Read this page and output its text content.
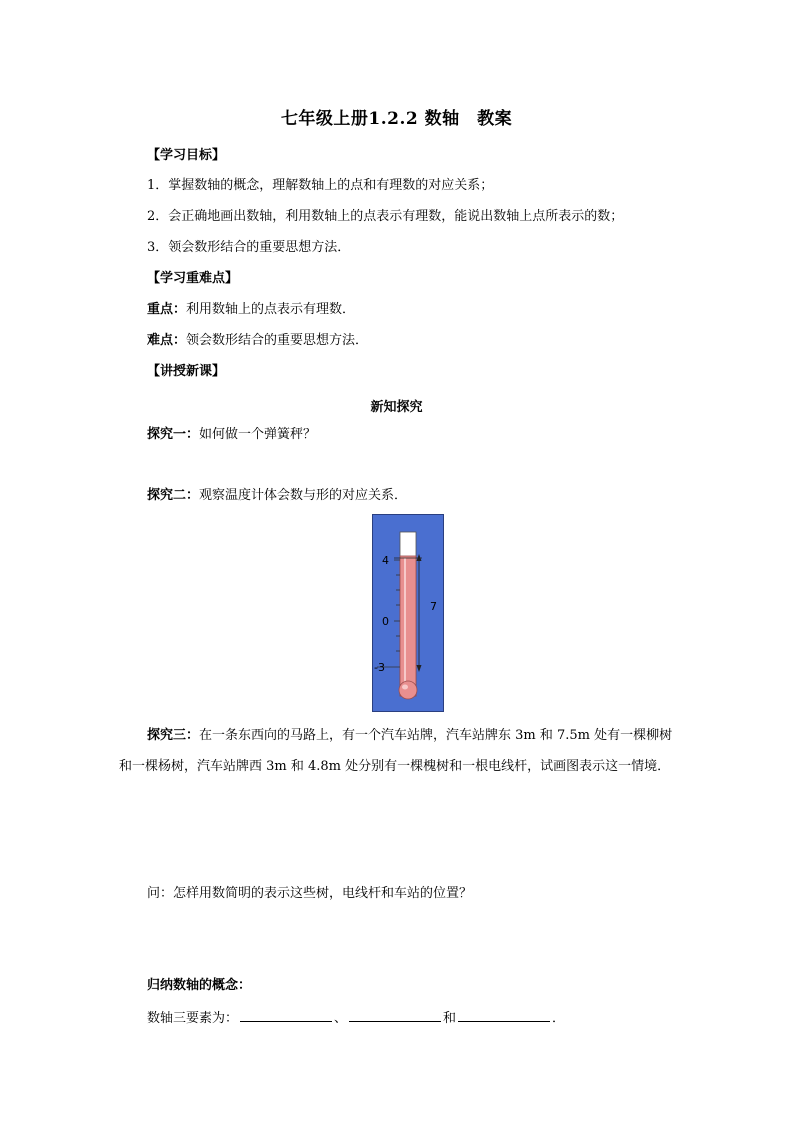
七年级上册1.2.2 数轴　教案
【学习目标】
1．掌握数轴的概念，理解数轴上的点和有理数的对应关系；
2．会正确地画出数轴，利用数轴上的点表示有理数，能说出数轴上点所表示的数；
3．领会数形结合的重要思想方法．
【学习重难点】
重点：利用数轴上的点表示有理数．
难点：领会数形结合的重要思想方法．
【讲授新课】
新知探究
探究一：如何做一个弹簧秤？
探究二：观察温度计体会数与形的对应关系．
4
0
-3
7
探究三：在一条东西向的马路上，有一个汽车站牌，汽车站牌东 3m 和 7.5m 处有一棵柳树和一棵杨树，汽车站牌西 3m 和 4.8m 处分别有一棵槐树和一根电线杆，试画图表示这一情境．
问：怎样用数简明的表示这些树，电线杆和车站的位置？
归纳数轴的概念：
数轴三要素为：	、	和	．
